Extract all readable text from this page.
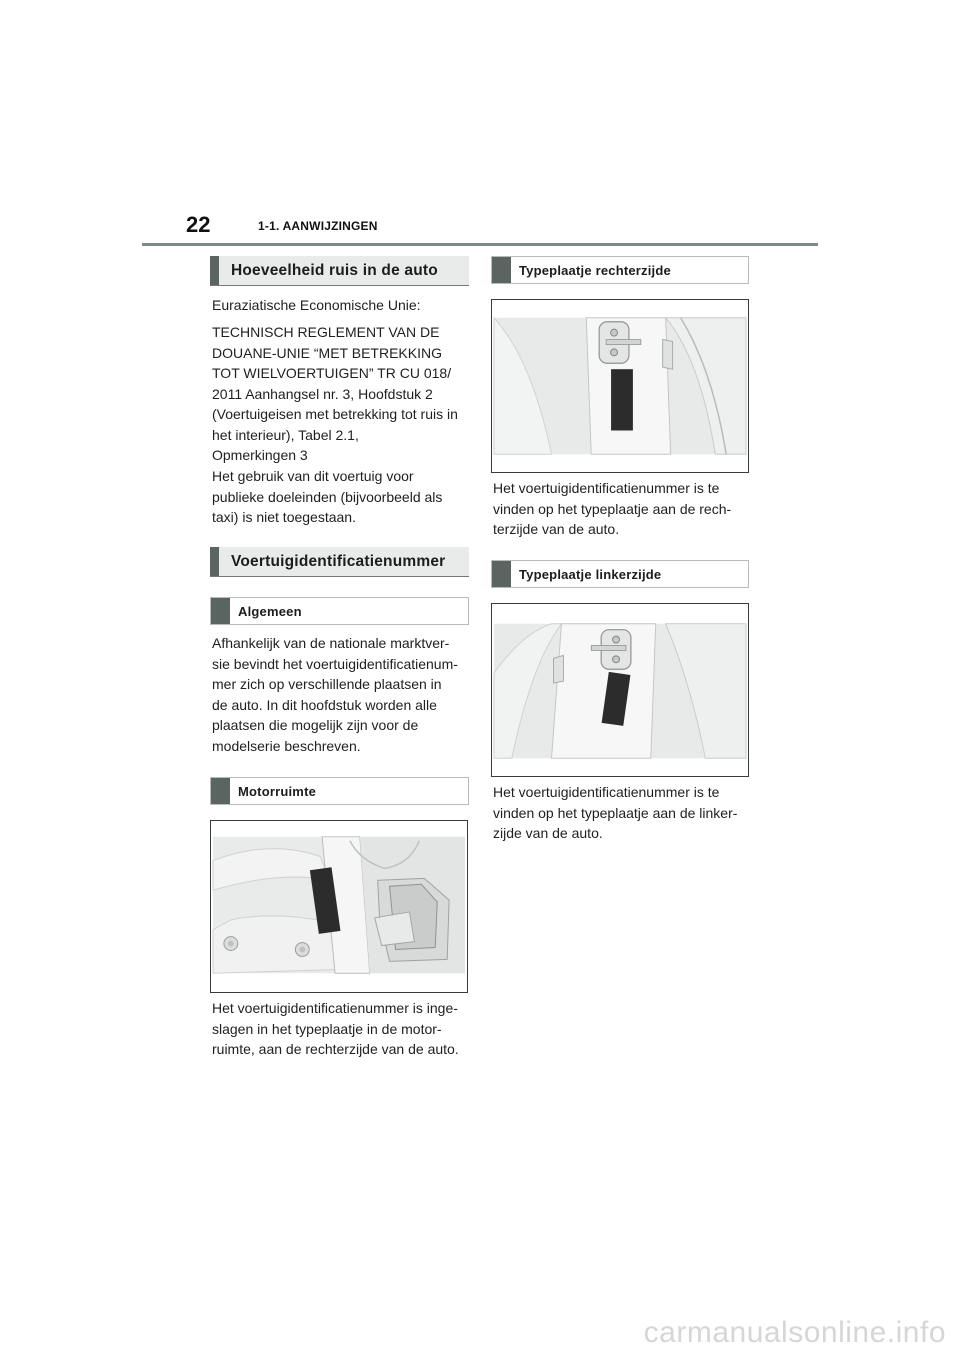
22	1-1. AANWIJZINGEN
Hoeveelheid ruis in de auto
Euraziatische Economische Unie:
TECHNISCH REGLEMENT VAN DE
DOUANE-UNIE “MET BETREKKING
TOT WIELVOERTUIGEN” TR CU 018/
2011 Aanhangsel nr. 3, Hoofdstuk 2
(Voertuigeisen met betrekking tot ruis in
het interieur), Tabel 2.1,
Opmerkingen 3
Het gebruik van dit voertuig voor
publieke doeleinden (bijvoorbeeld als
taxi) is niet toegestaan.
Voertuigidentificatienummer
Algemeen
Afhankelijk van de nationale marktver-
sie bevindt het voertuigidentificatienum-
mer zich op verschillende plaatsen in
de auto. In dit hoofdstuk worden alle
plaatsen die mogelijk zijn voor de
modelserie beschreven.
Motorruimte
Het voertuigidentificatienummer is inge-
slagen in het typeplaatje in de motor-
ruimte, aan de rechterzijde van de auto.
Typeplaatje rechterzijde
Het voertuigidentificatienummer is te
vinden op het typeplaatje aan de rech-
terzijde van de auto.
Typeplaatje linkerzijde
Het voertuigidentificatienummer is te
vinden op het typeplaatje aan de linker-
zijde van de auto.
carmanualsonline.info
